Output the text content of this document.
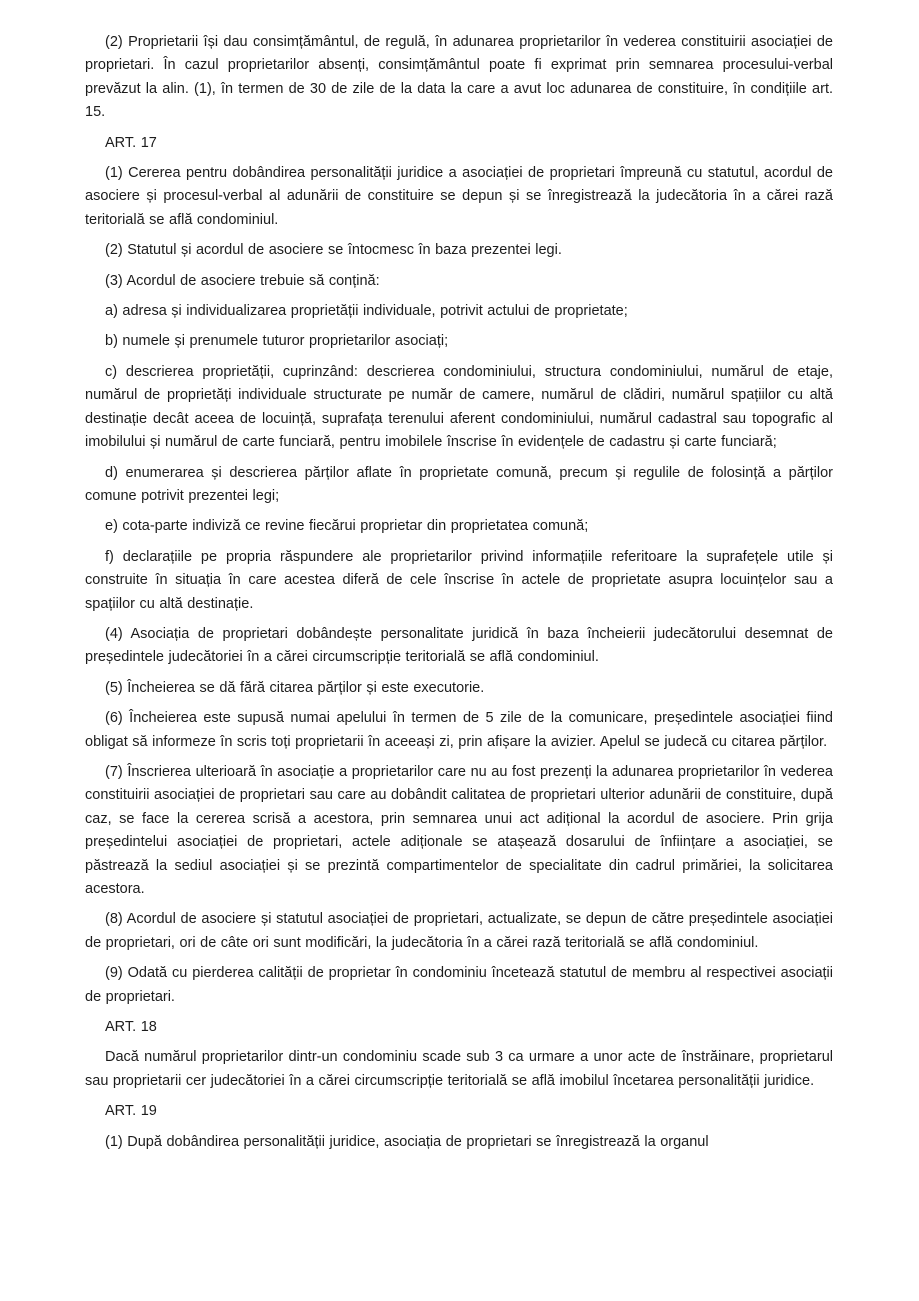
(2) Proprietarii își dau consimțământul, de regulă, în adunarea proprietarilor în vederea constituirii asociației de proprietari. În cazul proprietarilor absenți, consimțământul poate fi exprimat prin semnarea procesului-verbal prevăzut la alin. (1), în termen de 30 de zile de la data la care a avut loc adunarea de constituire, în condițiile art. 15.

ART. 17

(1) Cererea pentru dobândirea personalității juridice a asociației de proprietari împreună cu statutul, acordul de asociere și procesul-verbal al adunării de constituire se depun și se înregistrează la judecătoria în a cărei rază teritorială se află condominiul.

(2) Statutul și acordul de asociere se întocmesc în baza prezentei legi.

(3) Acordul de asociere trebuie să conțină:

a) adresa și individualizarea proprietății individuale, potrivit actului de proprietate;

b) numele și prenumele tuturor proprietarilor asociați;

c) descrierea proprietății, cuprinzând: descrierea condominiului, structura condominiului, numărul de etaje, numărul de proprietăți individuale structurate pe număr de camere, numărul de clădiri, numărul spațiilor cu altă destinație decât aceea de locuință, suprafața terenului aferent condominiului, numărul cadastral sau topografic al imobilului și numărul de carte funciară, pentru imobilele înscrise în evidențele de cadastru și carte funciară;

d) enumerarea și descrierea părților aflate în proprietate comună, precum și regulile de folosință a părților comune potrivit prezentei legi;

e) cota-parte indiviză ce revine fiecărui proprietar din proprietatea comună;

f) declarațiile pe propria răspundere ale proprietarilor privind informațiile referitoare la suprafețele utile și construite în situația în care acestea diferă de cele înscrise în actele de proprietate asupra locuințelor sau a spațiilor cu altă destinație.

(4) Asociația de proprietari dobândește personalitate juridică în baza încheierii judecătorului desemnat de președintele judecătoriei în a cărei circumscripție teritorială se află condominiul.

(5) Încheierea se dă fără citarea părților și este executorie.

(6) Încheierea este supusă numai apelului în termen de 5 zile de la comunicare, președintele asociației fiind obligat să informeze în scris toți proprietarii în aceeași zi, prin afișare la avizier. Apelul se judecă cu citarea părților.

(7) Înscrierea ulterioară în asociație a proprietarilor care nu au fost prezenți la adunarea proprietarilor în vederea constituirii asociației de proprietari sau care au dobândit calitatea de proprietari ulterior adunării de constituire, după caz, se face la cererea scrisă a acestora, prin semnarea unui act adițional la acordul de asociere. Prin grija președintelui asociației de proprietari, actele adiționale se atașează dosarului de înființare a asociației, se păstrează la sediul asociației și se prezintă compartimentelor de specialitate din cadrul primăriei, la solicitarea acestora.

(8) Acordul de asociere și statutul asociației de proprietari, actualizate, se depun de către președintele asociației de proprietari, ori de câte ori sunt modificări, la judecătoria în a cărei rază teritorială se află condominiul.

(9) Odată cu pierderea calității de proprietar în condominiu încetează statutul de membru al respectivei asociații de proprietari.

ART. 18

Dacă numărul proprietarilor dintr-un condominiu scade sub 3 ca urmare a unor acte de înstrăinare, proprietarul sau proprietarii cer judecătoriei în a cărei circumscripție teritorială se află imobilul încetarea personalității juridice.

ART. 19

(1) După dobândirea personalității juridice, asociația de proprietari se înregistrează la organul
